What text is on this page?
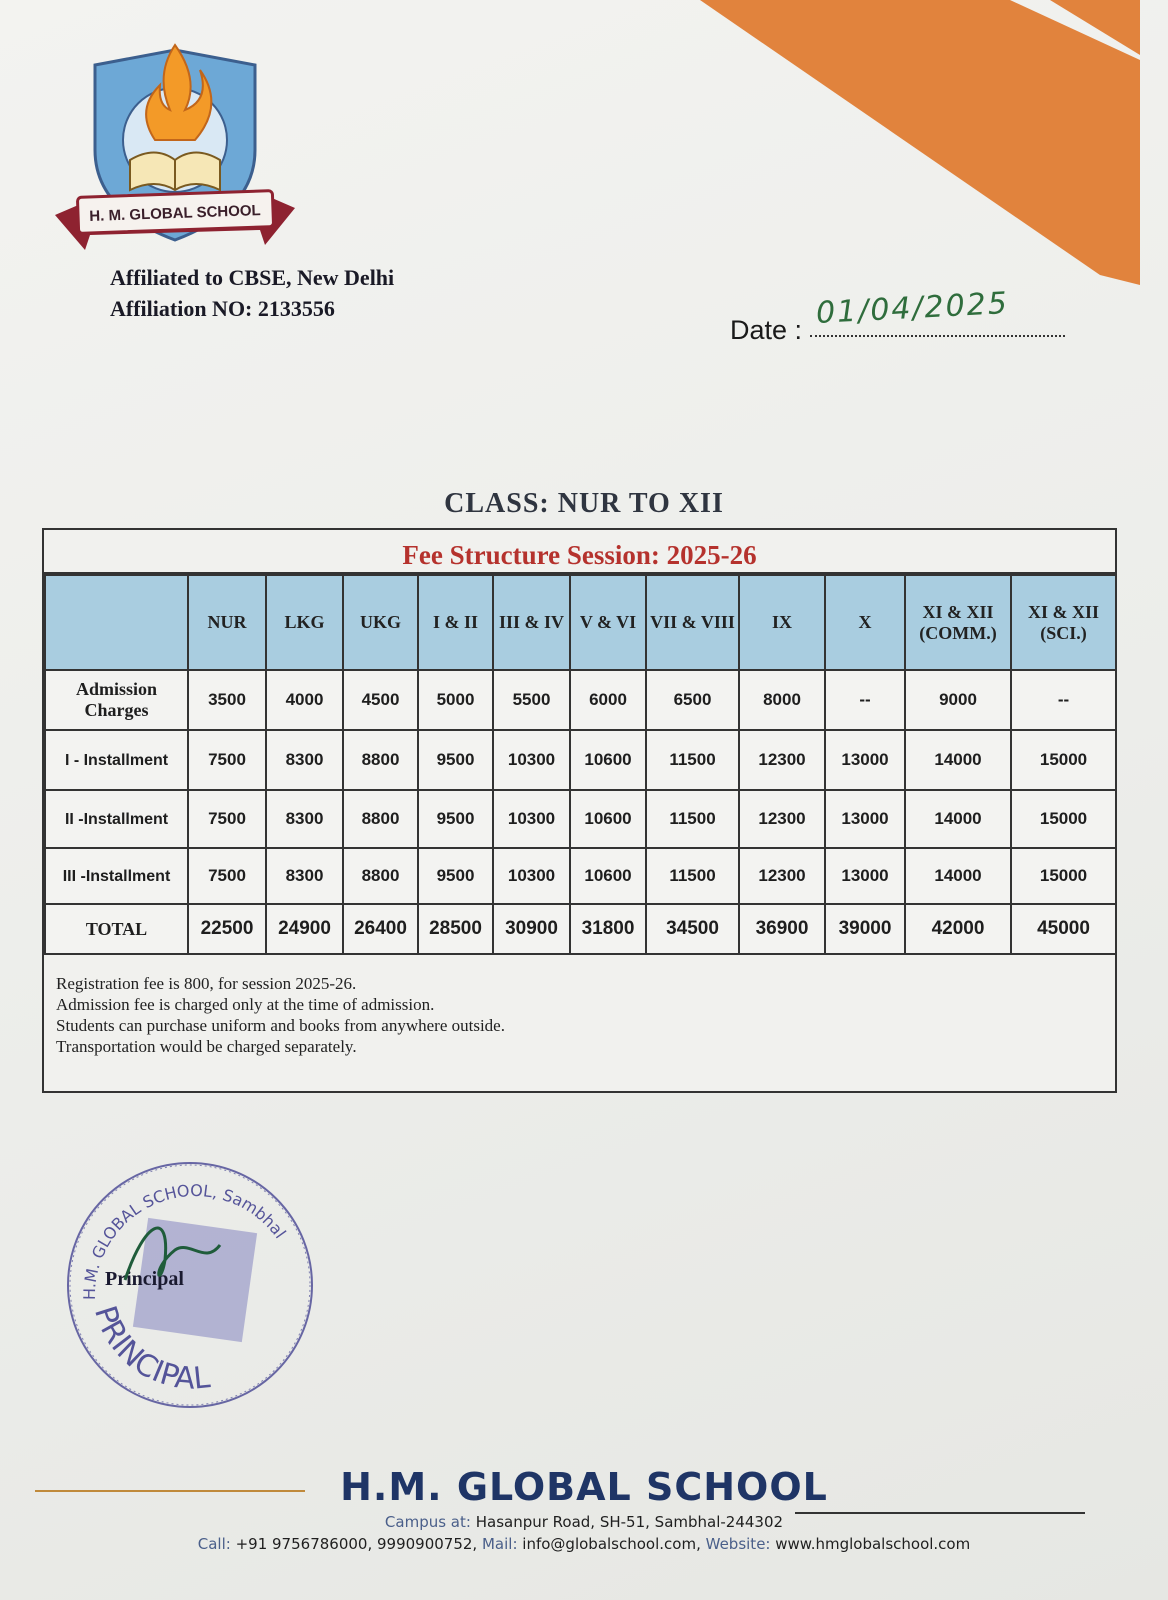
H. M. GLOBAL SCHOOL
Affiliated to CBSE, New Delhi
Affiliation NO: 2133556
Date : 01/04/2025
CLASS: NUR TO XII
Fee Structure Session: 2025-26
	NUR	LKG	UKG	I & II	III & IV	V & VI	VII & VIII	IX	X	XI & XII (COMM.)	XI & XII (SCI.)
Admission Charges	3500	4000	4500	5000	5500	6000	6500	8000	--	9000	--
I - Installment	7500	8300	8800	9500	10300	10600	11500	12300	13000	14000	15000
II -Installment	7500	8300	8800	9500	10300	10600	11500	12300	13000	14000	15000
III -Installment	7500	8300	8800	9500	10300	10600	11500	12300	13000	14000	15000
TOTAL	22500	24900	26400	28500	30900	31800	34500	36900	39000	42000	45000
Registration fee is 800, for session 2025-26.
Admission fee is charged only at the time of admission.
Students can purchase uniform and books from anywhere outside.
Transportation would be charged separately.
H.M. GLOBAL SCHOOL, Sambhal
Principal
PRINCIPAL
H.M. GLOBAL SCHOOL
Campus at: Hasanpur Road, SH-51, Sambhal-244302
Call: +91 9756786000, 9990900752, Mail: info@globalschool.com, Website: www.hmglobalschool.com
